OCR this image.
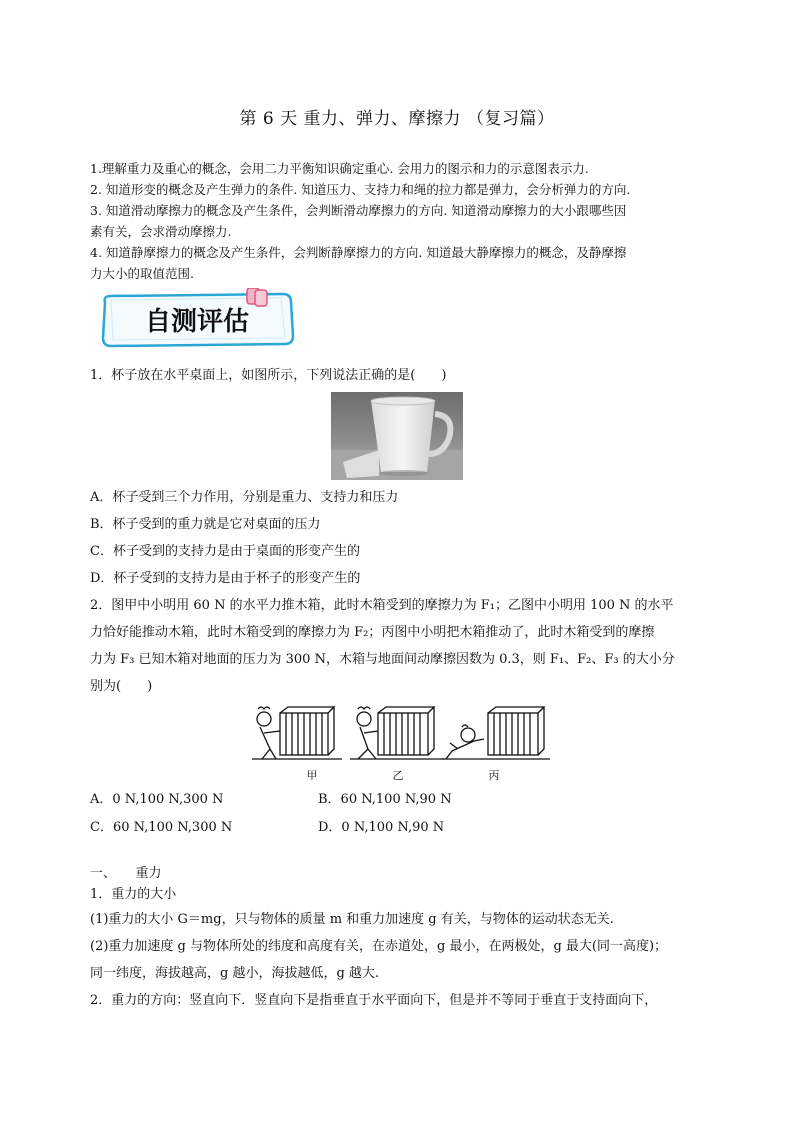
第 6 天 重力、弹力、摩擦力 （复习篇）

1.理解重力及重心的概念，会用二力平衡知识确定重心. 会用力的图示和力的示意图表示力.

2. 知道形变的概念及产生弹力的条件. 知道压力、支持力和绳的拉力都是弹力，会分析弹力的方向.

3. 知道滑动摩擦力的概念及产生条件，会判断滑动摩擦力的方向. 知道滑动摩擦力的大小跟哪些因

素有关，会求滑动摩擦力.

4. 知道静摩擦力的概念及产生条件，会判断静摩擦力的方向. 知道最大静摩擦力的概念，及静摩擦

力大小的取值范围.

自测评估

1．杯子放在水平桌面上，如图所示，下列说法正确的是(　　)

A．杯子受到三个力作用，分别是重力、支持力和压力

B．杯子受到的重力就是它对桌面的压力

C．杯子受到的支持力是由于桌面的形变产生的

D．杯子受到的支持力是由于杯子的形变产生的

2．图甲中小明用 60 N 的水平力推木箱，此时木箱受到的摩擦力为 F₁；乙图中小明用 100 N 的水平

力恰好能推动木箱，此时木箱受到的摩擦力为 F₂；丙图中小明把木箱推动了，此时木箱受到的摩擦

力为 F₃ 已知木箱对地面的压力为 300 N，木箱与地面间动摩擦因数为 0.3，则 F₁、F₂、F₃ 的大小分

别为(　　)

甲	乙	丙
A．0 N,100 N,300 N	B．60 N,100 N,90 N
C．60 N,100 N,300 N	D．0 N,100 N,90 N

一、　　重力

1．重力的大小

(1)重力的大小 G＝mg，只与物体的质量 m 和重力加速度 g 有关，与物体的运动状态无关.

(2)重力加速度 g 与物体所处的纬度和高度有关，在赤道处，g 最小，在两极处，g 最大(同一高度)；

同一纬度，海拔越高，g 越小，海拔越低，g 越大.

2．重力的方向：竖直向下．竖直向下是指垂直于水平面向下，但是并不等同于垂直于支持面向下，
